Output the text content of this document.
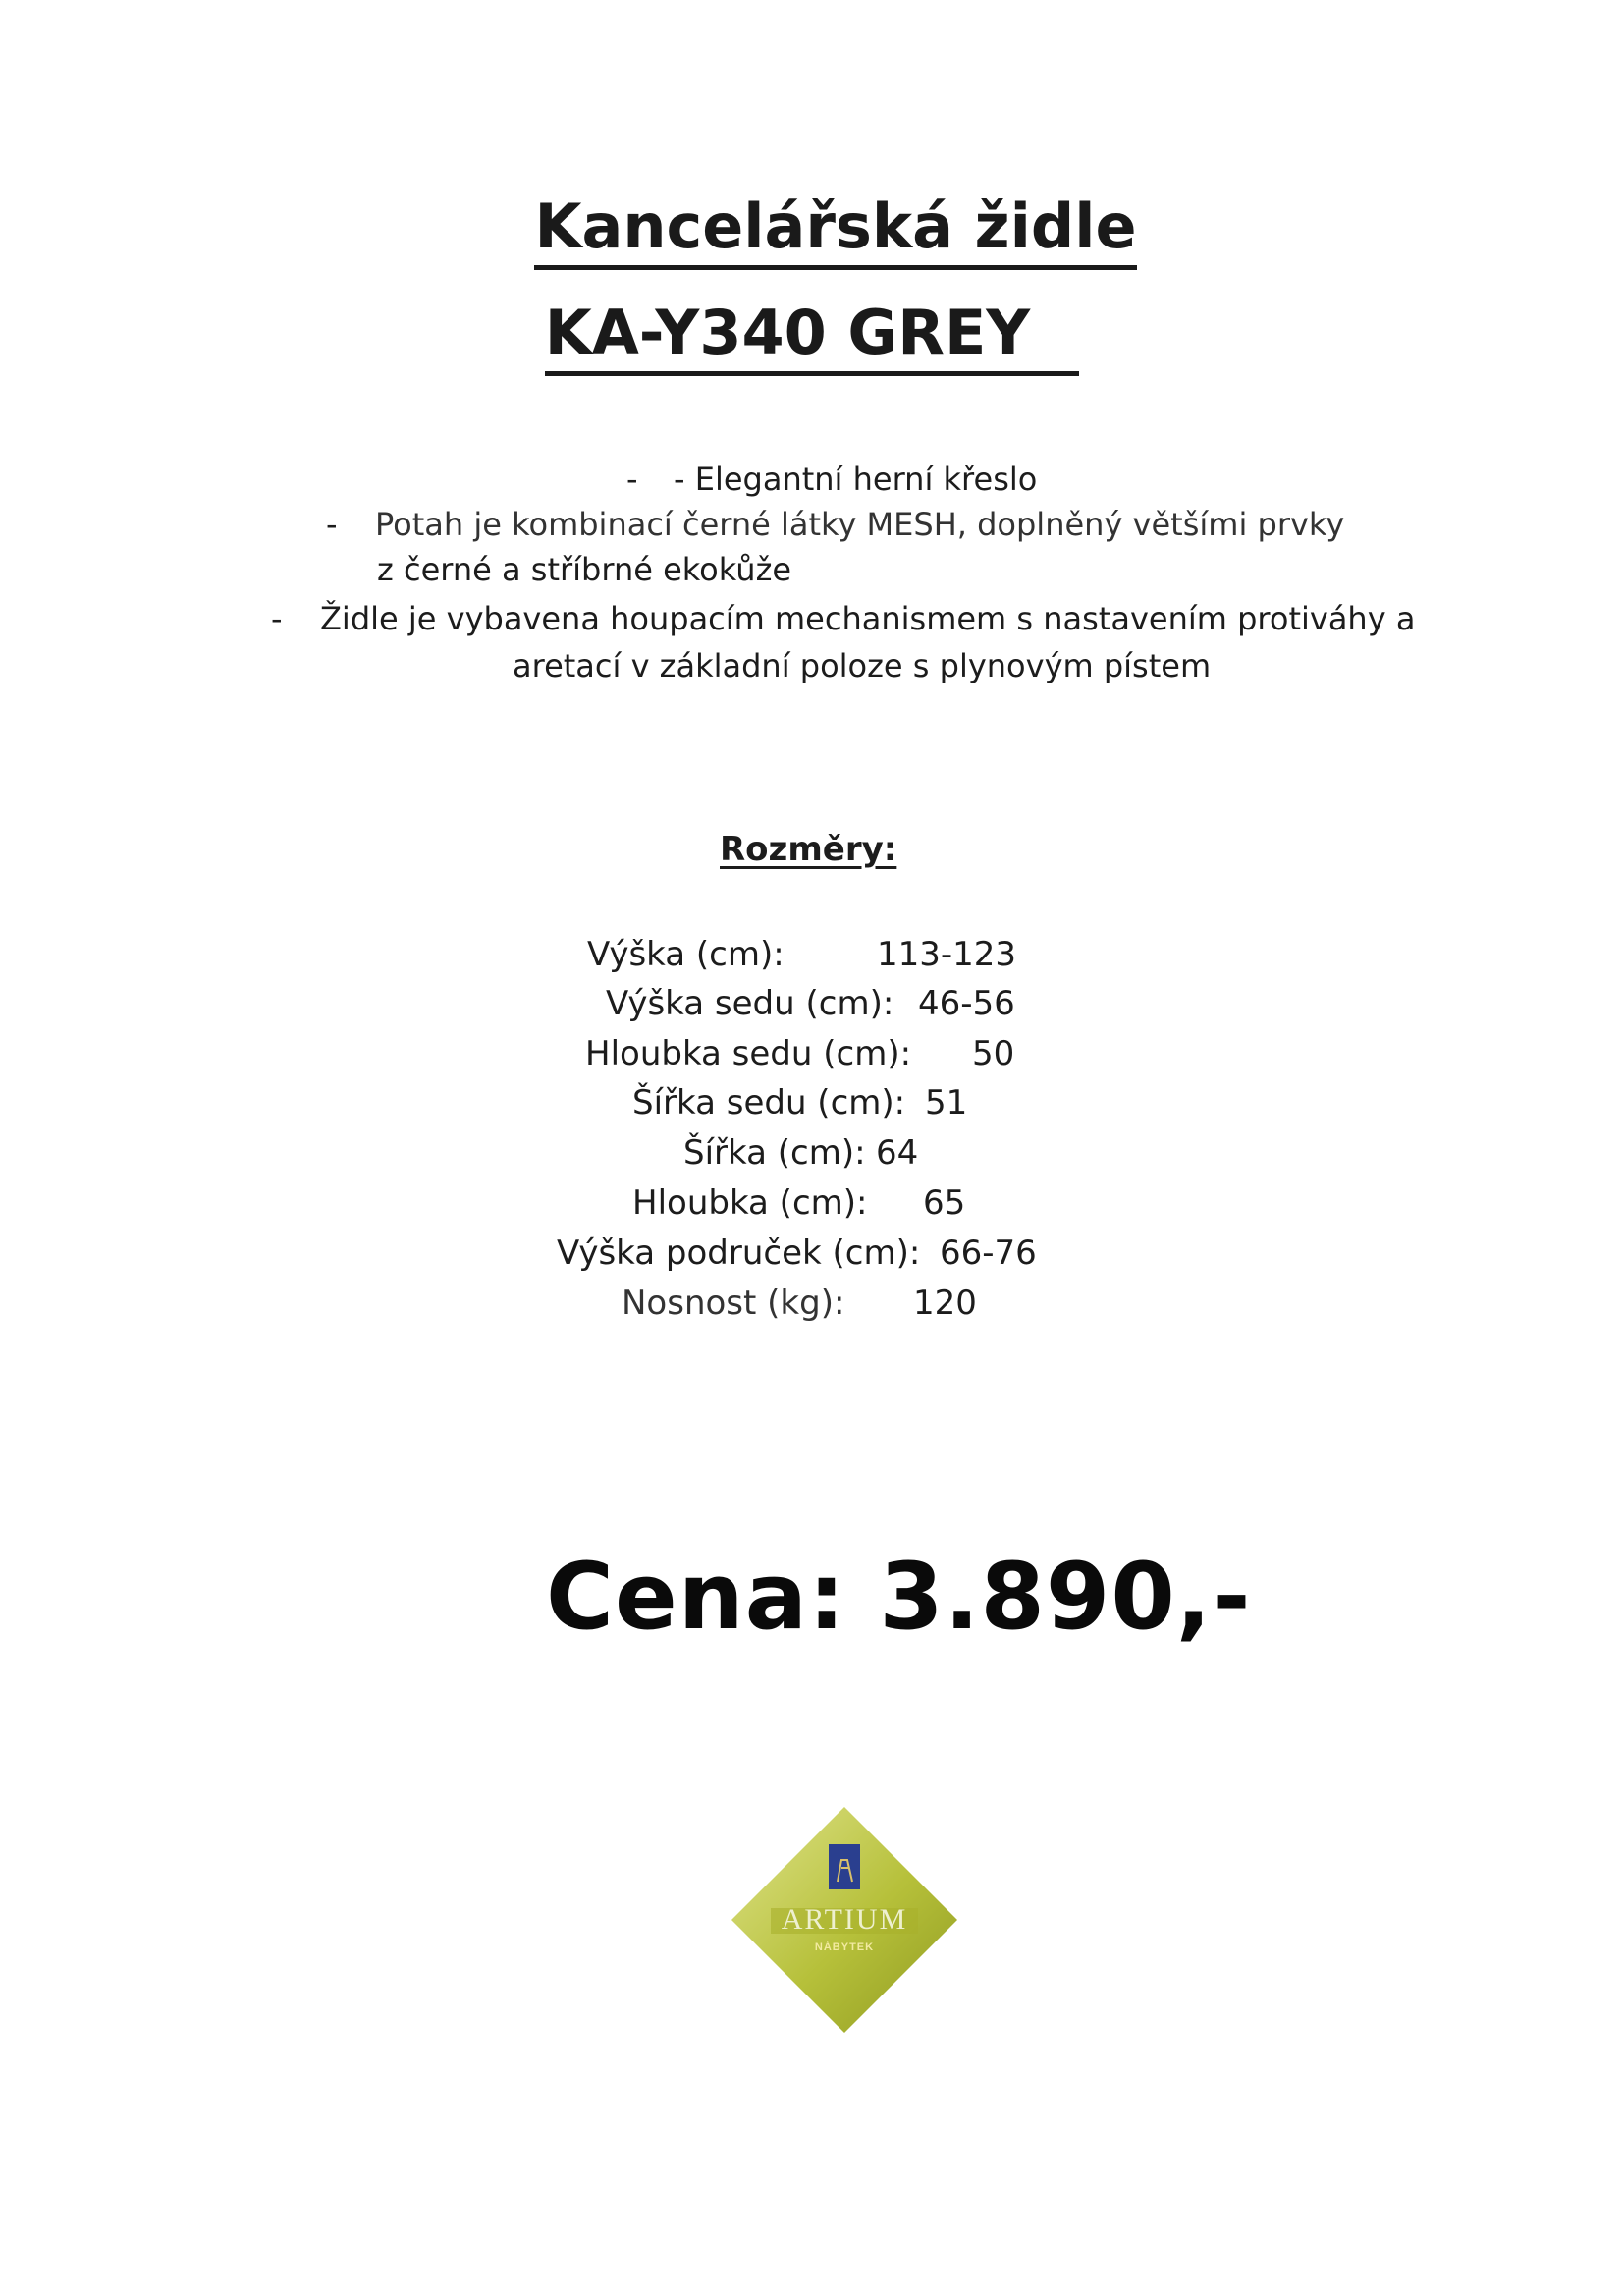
Kancelářská židle
KA-Y340 GREY
- - Elegantní herní křeslo
- Potah je kombinací černé látky MESH, doplněný většími prvky
z černé a stříbrné ekokůže
- Židle je vybavena houpacím mechanismem s nastavením protiváhy a
aretací v základní poloze s plynovým pístem
Rozměry:
Výška (cm):	113-123
Výška sedu (cm): 46-56
Hloubka sedu (cm): 50
Šířka sedu (cm): 51
Šířka (cm): 64
Hloubka (cm): 65
Výška područek (cm): 66-76
Nosnost (kg): 120
Cena: 3.890,-
ARTIUM
NÁBYTEK
